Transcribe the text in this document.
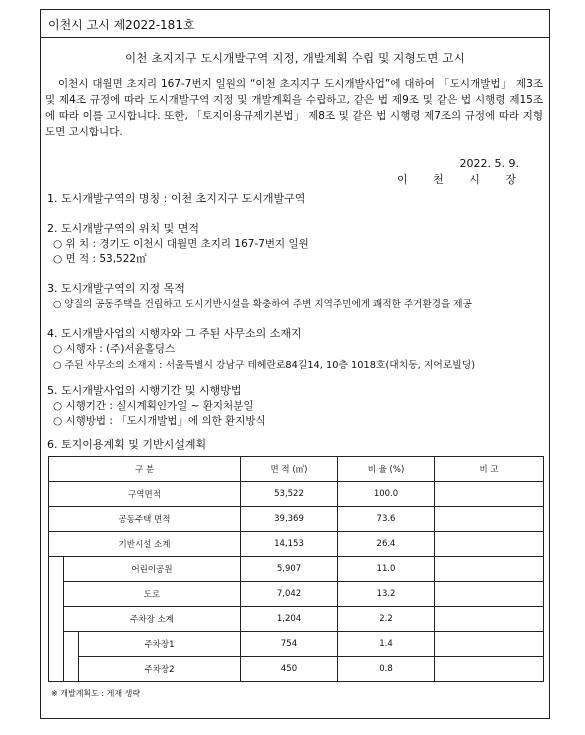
이천시 고시 제2022-181호
이천 초지지구 도시개발구역 지정, 개발계획 수립 및 지형도면 고시
이천시 대월면 초지리 167-7번지 일원의 “이천 초지지구 도시개발사업”에 대하여 「도시개발법」 제3조 및 제4조 규정에 따라 도시개발구역 지정 및 개발계획을 수립하고, 같은 법 제9조 및 같은 법 시행령 제15조에 따라 이를 고시합니다. 또한, 「토지이용규제기본법」 제8조 및 같은 법 시행령 제7조의 규정에 따라 지형도면 고시합니다.
2022. 5. 9.
이 천 시 장
1. 도시개발구역의 명칭 : 이천 초지지구 도시개발구역
2. 도시개발구역의 위치 및 면적
○ 위 치 : 경기도 이천시 대월면 초지리 167-7번지 일원
○ 면 적 : 53,522㎡
3. 도시개발구역의 지정 목적
○ 양질의 공동주택을 건립하고 도시기반시설을 확충하여 주변 지역주민에게 쾌적한 주거환경을 제공
4. 도시개발사업의 시행자와 그 주된 사무소의 소재지
○ 시행자 : (주)서윤홀딩스
○ 주된 사무소의 소재지 : 서울특별시 강남구 테헤란로84길14, 10층 1018호(대치동, 지어로빌딩)
5. 도시개발사업의 시행기간 및 시행방법
○ 시행기간 : 실시계획인가일 ~ 환지처분일
○ 시행방법 : 「도시개발법」에 의한 환지방식
6. 토지이용계획 및 기반시설계획
구 분			면 적 (㎡)	비 율 (%)	비 고
구역면적			53,522	100.0	
공동주택 면적			39,369	73.6	
기반시설 소계			14,153	26.4	
	어린이공원		5,907	11.0	
	도로		7,042	13.2	
	주차장 소계		1,204	2.2	
		주차장1	754	1.4	
		주차장2	450	0.8	
※ 개발계획도 : 게재 생략
